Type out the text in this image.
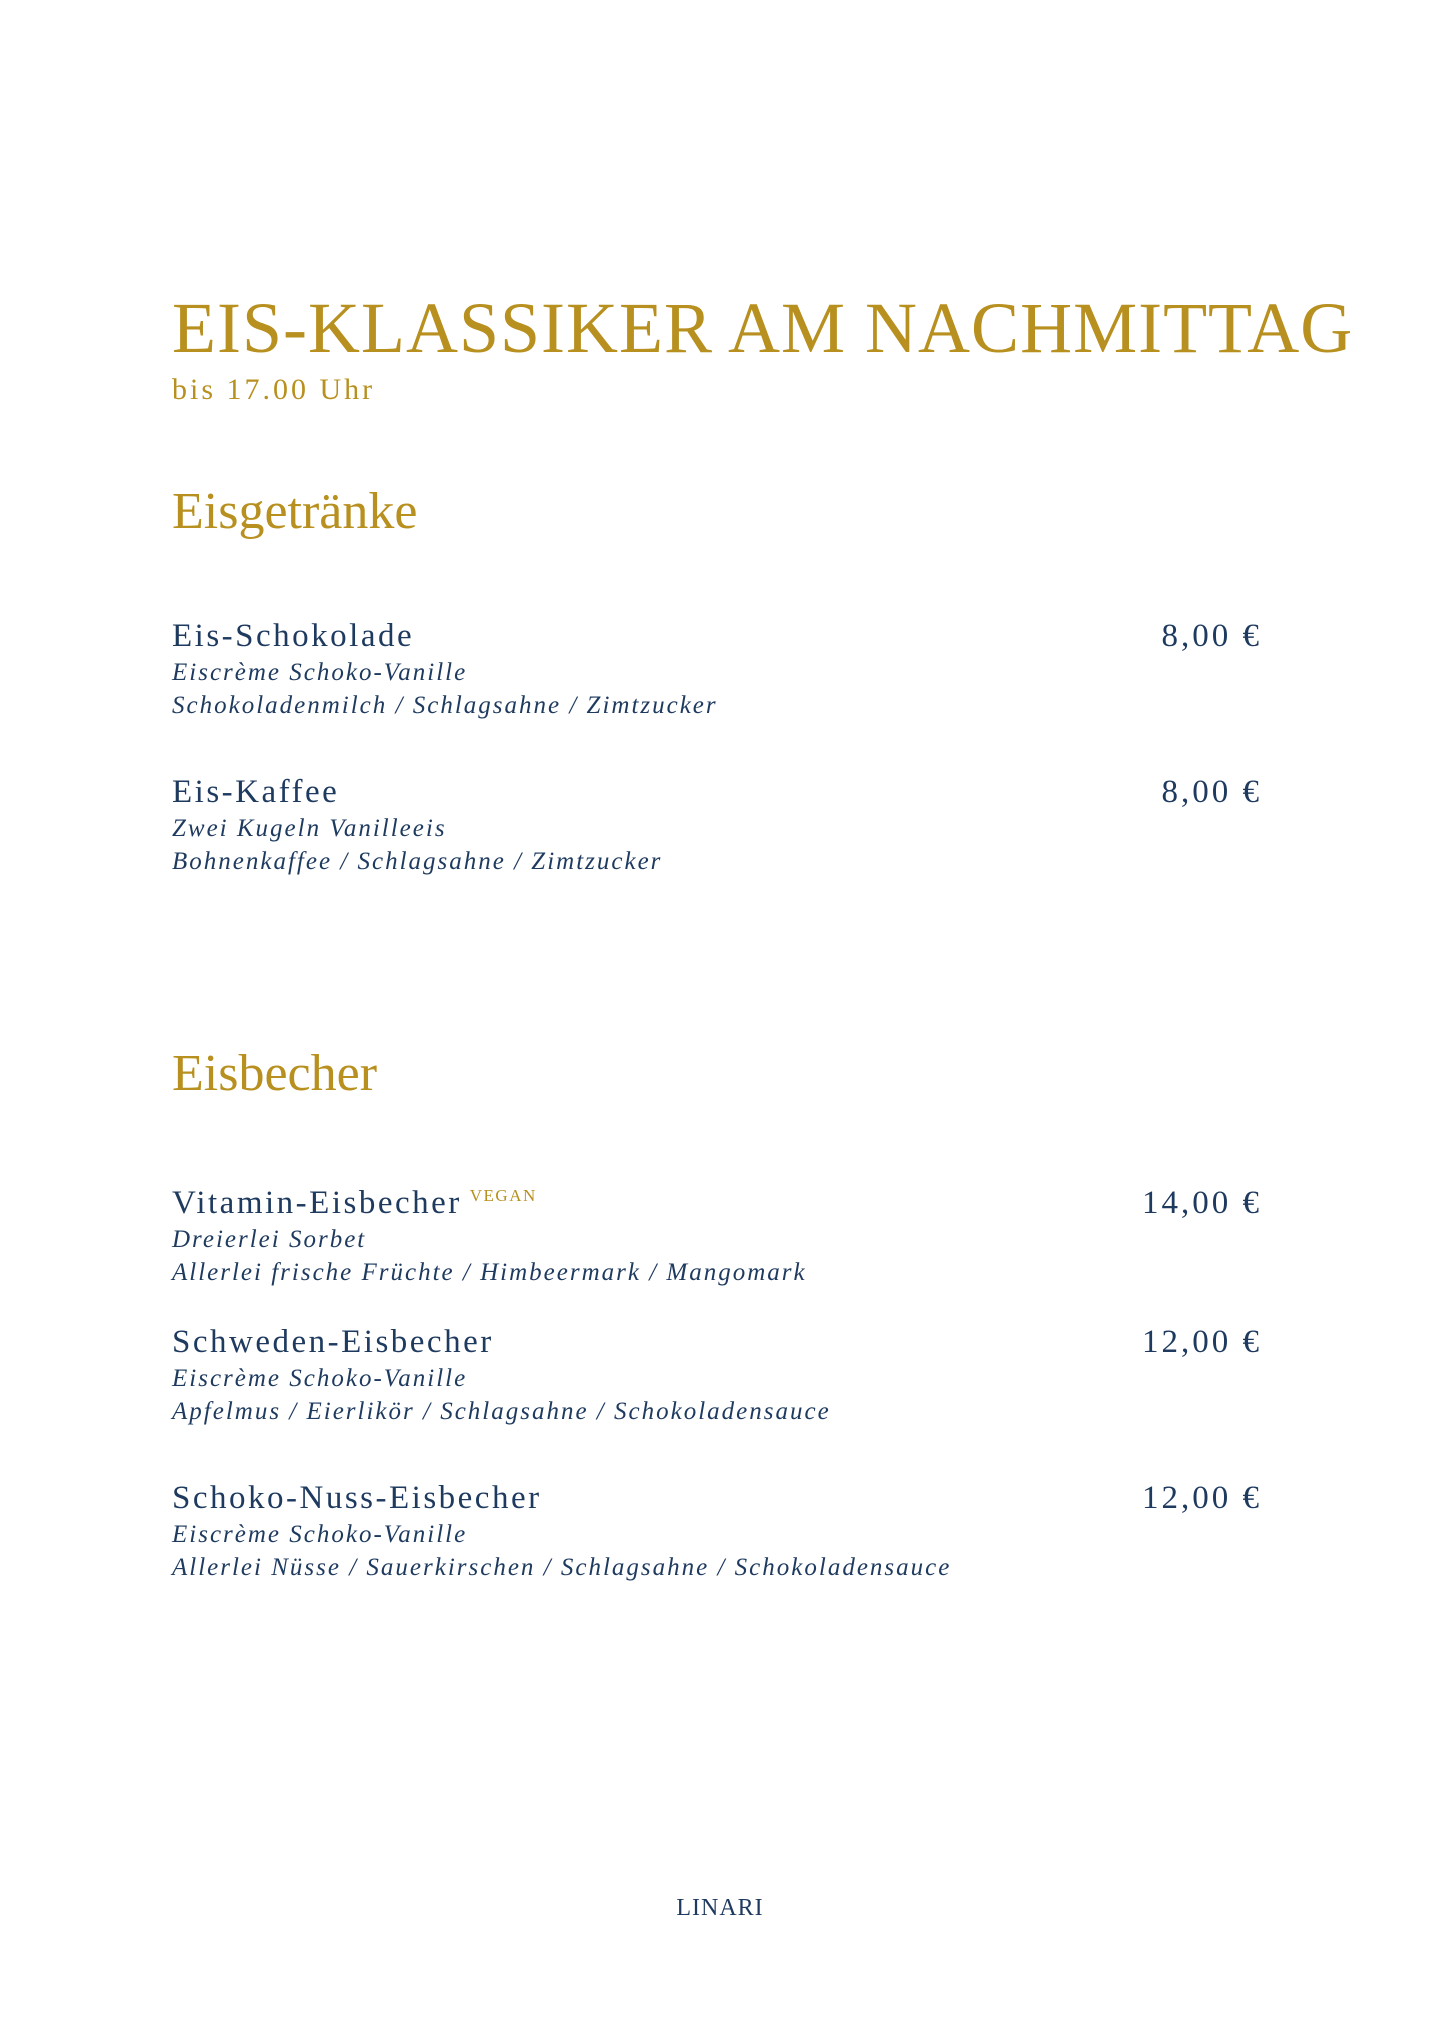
EIS-KLASSIKER AM NACHMITTAG
bis 17.00 Uhr
Eisgetränke
Eis-Schokolade	8,00 €
Eiscrème Schoko-Vanille
Schokoladenmilch / Schlagsahne / Zimtzucker
Eis-Kaffee	8,00 €
Zwei Kugeln Vanilleeis
Bohnenkaffee / Schlagsahne / Zimtzucker
Eisbecher
Vitamin-Eisbecher $^{VEGAN}$	14,00 €
Dreierlei Sorbet
Allerlei frische Früchte / Himbeermark / Mangomark
Schweden-Eisbecher	12,00 €
Eiscrème Schoko-Vanille
Apfelmus / Eierlikör / Schlagsahne / Schokoladensauce
Schoko-Nuss-Eisbecher	12,00 €
Eiscrème Schoko-Vanille
Allerlei Nüsse / Sauerkirschen / Schlagsahne / Schokoladensauce
LINARI
